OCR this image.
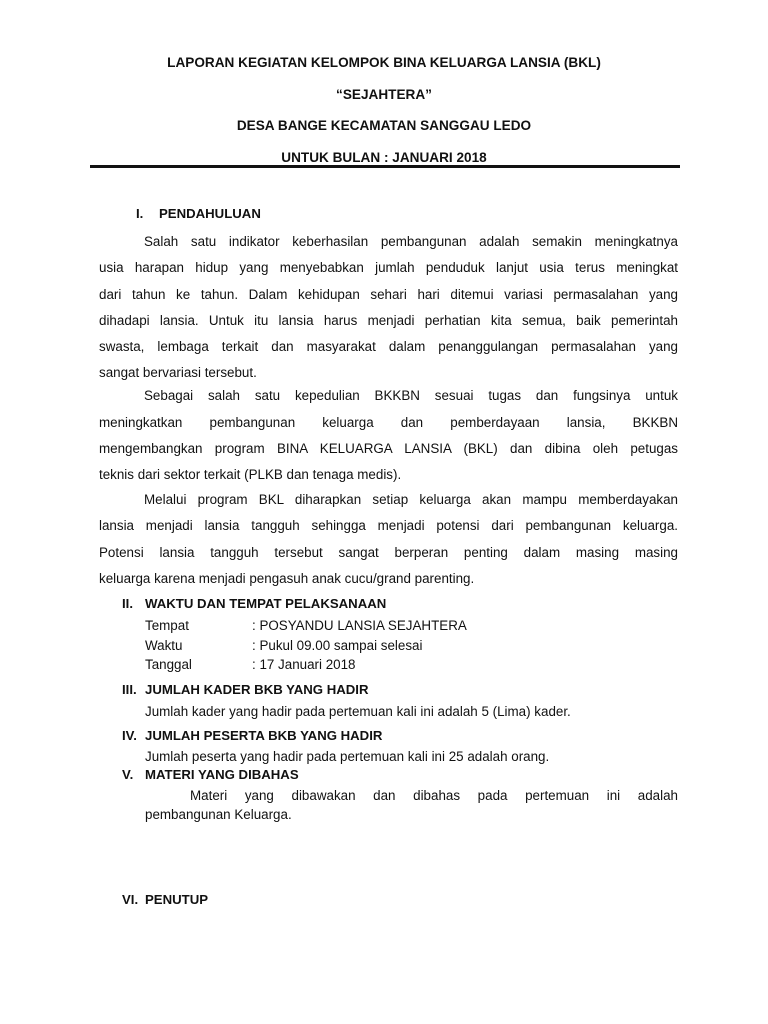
LAPORAN KEGIATAN KELOMPOK BINA KELUARGA LANSIA (BKL)
“SEJAHTERA”
DESA BANGE KECAMATAN SANGGAU LEDO
UNTUK BULAN : JANUARI 2018
I. PENDAHULUAN
Salah satu indikator keberhasilan pembangunan adalah semakin meningkatnya
usia harapan hidup yang menyebabkan jumlah penduduk lanjut usia terus meningkat
dari tahun ke tahun. Dalam kehidupan sehari hari ditemui variasi permasalahan yang
dihadapi lansia. Untuk itu lansia harus menjadi perhatian kita semua, baik pemerintah
swasta, lembaga terkait dan masyarakat dalam penanggulangan permasalahan yang
sangat bervariasi tersebut.
Sebagai salah satu kepedulian BKKBN sesuai tugas dan fungsinya untuk
meningkatkan pembangunan keluarga dan pemberdayaan lansia, BKKBN
mengembangkan program BINA KELUARGA LANSIA (BKL) dan dibina oleh petugas
teknis dari sektor terkait (PLKB dan tenaga medis).
Melalui program BKL diharapkan setiap keluarga akan mampu memberdayakan
lansia menjadi lansia tangguh sehingga menjadi potensi dari pembangunan keluarga.
Potensi lansia tangguh tersebut sangat berperan penting dalam masing masing
keluarga karena menjadi pengasuh anak cucu/grand parenting.
II. WAKTU DAN TEMPAT PELAKSANAAN
Tempat	: POSYANDU LANSIA SEJAHTERA
Waktu	: Pukul 09.00 sampai selesai
Tanggal	: 17 Januari 2018
III. JUMLAH KADER BKB YANG HADIR
Jumlah kader yang hadir pada pertemuan kali ini adalah 5 (Lima) kader.
IV. JUMLAH PESERTA BKB YANG HADIR
Jumlah peserta yang hadir pada pertemuan kali ini 25 adalah orang.
V. MATERI YANG DIBAHAS
Materi yang dibawakan dan dibahas pada pertemuan ini adalah
pembangunan Keluarga.
VI. PENUTUP
